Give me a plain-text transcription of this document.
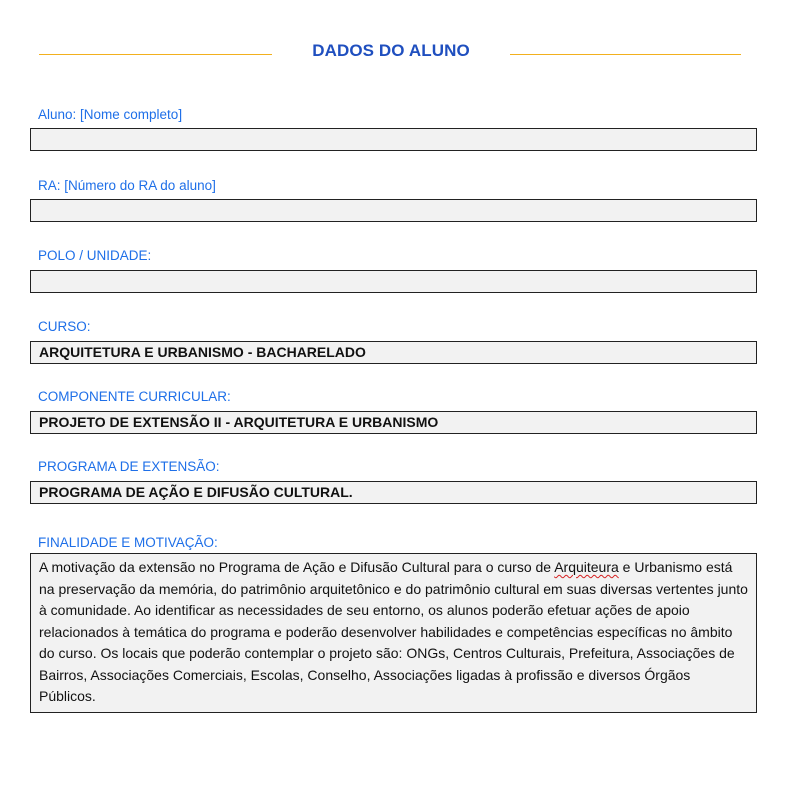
DADOS DO ALUNO
Aluno: [Nome completo]
RA: [Número do RA do aluno]
POLO / UNIDADE:
CURSO:
ARQUITETURA E URBANISMO - BACHARELADO
COMPONENTE CURRICULAR:
PROJETO DE EXTENSÃO II - ARQUITETURA E URBANISMO
PROGRAMA DE EXTENSÃO:
PROGRAMA DE AÇÃO E DIFUSÃO CULTURAL.
FINALIDADE E MOTIVAÇÃO:

A motivação da extensão no Programa de Ação e Difusão Cultural para o curso de Arquiteura e Urbanismo está na preservação da memória, do patrimônio arquitetônico e do patrimônio cultural em suas diversas vertentes junto à comunidade. Ao identificar as necessidades de seu entorno, os alunos poderão efetuar ações de apoio relacionados à temática do programa e poderão desenvolver habilidades e competências específicas no âmbito do curso. Os locais que poderão contemplar o projeto são: ONGs, Centros Culturais, Prefeitura, Associações de Bairros, Associações Comerciais, Escolas, Conselho, Associações ligadas à profissão e diversos Órgãos Públicos.
